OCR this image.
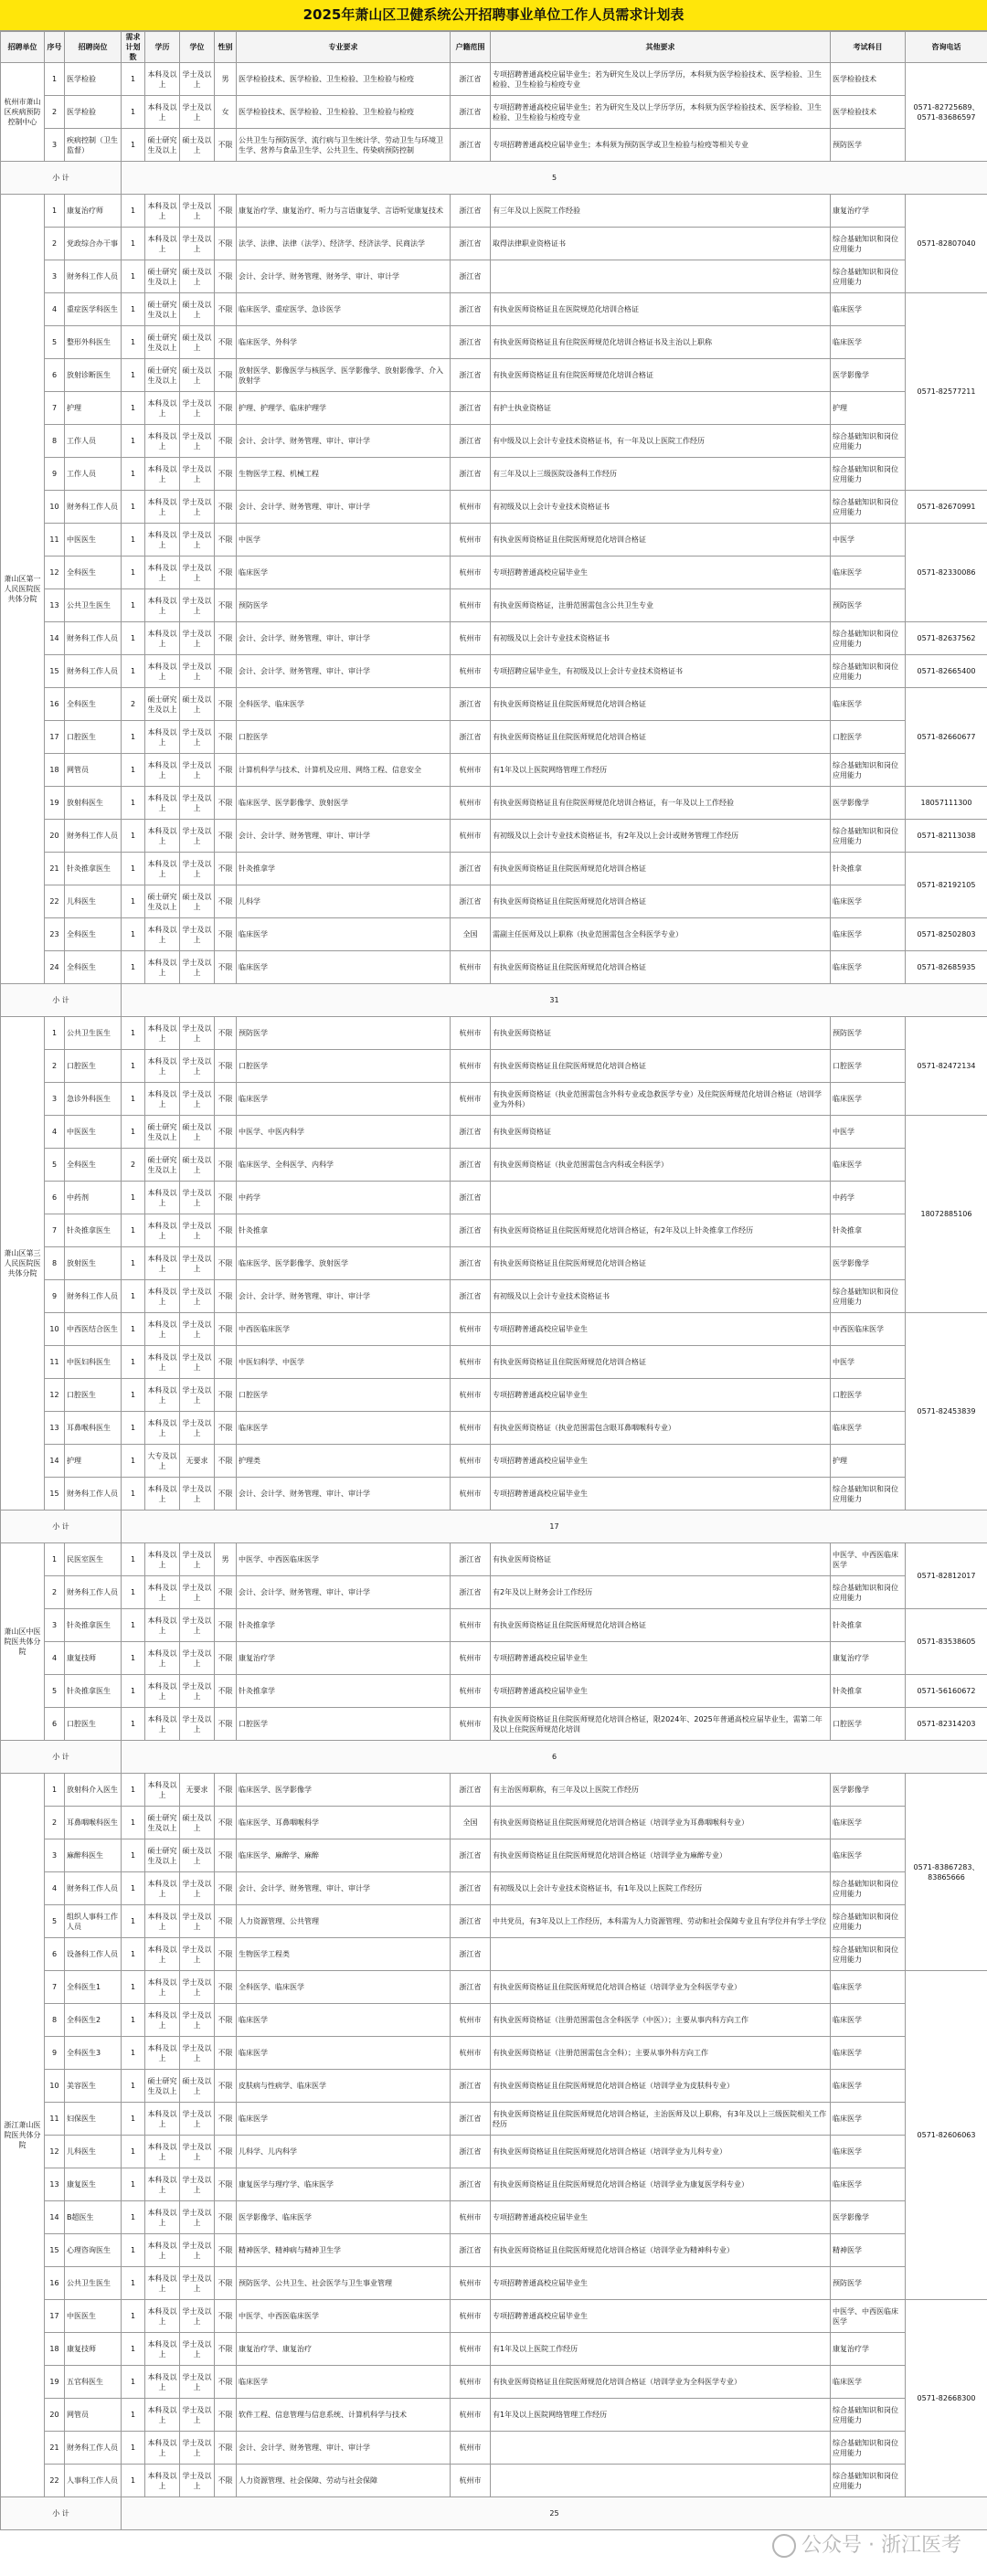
2025年萧山区卫健系统公开招聘事业单位工作人员需求计划表
招聘单位	序号	招聘岗位	需求计划数	学历	学位	性别	专业要求	户籍范围	其他要求	考试科目	咨询电话
杭州市萧山区疾病预防控制中心	1	医学检验	1	本科及以上	学士及以上	男	医学检验技术、医学检验、卫生检验、卫生检验与检疫	浙江省	专项招聘普通高校应届毕业生；若为研究生及以上学历学历，本科须为医学检验技术、医学检验、卫生检验、卫生检验与检疫专业	医学检验技术	0571-82725689、0571-83686597
	2	医学检验	1	本科及以上	学士及以上	女	医学检验技术、医学检验、卫生检验、卫生检验与检疫	浙江省	专项招聘普通高校应届毕业生；若为研究生及以上学历学历，本科须为医学检验技术、医学检验、卫生检验、卫生检验与检疫专业	医学检验技术	
	3	疾病控制（卫生监督）	1	硕士研究生及以上	硕士及以上	不限	公共卫生与预防医学、流行病与卫生统计学、劳动卫生与环境卫生学、营养与食品卫生学、公共卫生、传染病预防控制	浙江省	专项招聘普通高校应届毕业生；本科须为预防医学或卫生检验与检疫等相关专业	预防医学	
小 计			5								
萧山区第一人民医院医共体分院	1	康复治疗师	1	本科及以上	学士及以上	不限	康复治疗学、康复治疗、听力与言语康复学、言语听觉康复技术	浙江省	有三年及以上医院工作经验	康复治疗学	0571-82807040
	2	党政综合办干事	1	本科及以上	学士及以上	不限	法学、法律、法律（法学）、经济学、经济法学、民商法学	浙江省	取得法律职业资格证书	综合基础知识和岗位应用能力	
	3	财务科工作人员	1	硕士研究生及以上	硕士及以上	不限	会计、会计学、财务管理、财务学、审计、审计学	浙江省		综合基础知识和岗位应用能力	
	4	重症医学科医生	1	硕士研究生及以上	硕士及以上	不限	临床医学、重症医学、急诊医学	浙江省	有执业医师资格证且在医院规范化培训合格证	临床医学	0571-82577211
	5	整形外科医生	1	硕士研究生及以上	硕士及以上	不限	临床医学、外科学	浙江省	有执业医师资格证且有住院医师规范化培训合格证书及主治以上职称	临床医学	
	6	放射诊断医生	1	硕士研究生及以上	硕士及以上	不限	放射医学、影像医学与核医学、医学影像学、放射影像学、介入放射学	浙江省	有执业医师资格证且有住院医师规范化培训合格证	医学影像学	
	7	护理	1	本科及以上	学士及以上	不限	护理、护理学、临床护理学	浙江省	有护士执业资格证	护理	
	8	工作人员	1	本科及以上	学士及以上	不限	会计、会计学、财务管理、审计、审计学	浙江省	有中级及以上会计专业技术资格证书，有一年及以上医院工作经历	综合基础知识和岗位应用能力	
	9	工作人员	1	本科及以上	学士及以上	不限	生物医学工程、机械工程	浙江省	有三年及以上三级医院设备科工作经历	综合基础知识和岗位应用能力	
	10	财务科工作人员	1	本科及以上	学士及以上	不限	会计、会计学、财务管理、审计、审计学	杭州市	有初级及以上会计专业技术资格证书	综合基础知识和岗位应用能力	0571-82670991
	11	中医医生	1	本科及以上	学士及以上	不限	中医学	杭州市	有执业医师资格证且住院医师规范化培训合格证	中医学	0571-82330086
	12	全科医生	1	本科及以上	学士及以上	不限	临床医学	杭州市	专项招聘普通高校应届毕业生	临床医学	
	13	公共卫生医生	1	本科及以上	学士及以上	不限	预防医学	杭州市	有执业医师资格证，注册范围需包含公共卫生专业	预防医学	
	14	财务科工作人员	1	本科及以上	学士及以上	不限	会计、会计学、财务管理、审计、审计学	杭州市	有初级及以上会计专业技术资格证书	综合基础知识和岗位应用能力	0571-82637562
	15	财务科工作人员	1	本科及以上	学士及以上	不限	会计、会计学、财务管理、审计、审计学	杭州市	专项招聘应届毕业生，有初级及以上会计专业技术资格证书	综合基础知识和岗位应用能力	0571-82665400
	16	全科医生	2	硕士研究生及以上	硕士及以上	不限	全科医学、临床医学	浙江省	有执业医师资格证且住院医师规范化培训合格证	临床医学	0571-82660677
	17	口腔医生	1	本科及以上	学士及以上	不限	口腔医学	浙江省	有执业医师资格证且住院医师规范化培训合格证	口腔医学	
	18	网管员	1	本科及以上	学士及以上	不限	计算机科学与技术、计算机及应用、网络工程、信息安全	杭州市	有1年及以上医院网络管理工作经历	综合基础知识和岗位应用能力	
	19	放射科医生	1	本科及以上	学士及以上	不限	临床医学、医学影像学、放射医学	杭州市	有执业医师资格证且有住院医师规范化培训合格证，有一年及以上工作经验	医学影像学	18057111300
	20	财务科工作人员	1	本科及以上	学士及以上	不限	会计、会计学、财务管理、审计、审计学	杭州市	有初级及以上会计专业技术资格证书，有2年及以上会计或财务管理工作经历	综合基础知识和岗位应用能力	0571-82113038
	21	针灸推拿医生	1	本科及以上	学士及以上	不限	针灸推拿学	浙江省	有执业医师资格证且住院医师规范化培训合格证	针灸推拿	0571-82192105
	22	儿科医生	1	硕士研究生及以上	硕士及以上	不限	儿科学	浙江省	有执业医师资格证且住院医师规范化培训合格证	临床医学	
	23	全科医生	1	本科及以上	学士及以上	不限	临床医学	全国	需副主任医师及以上职称（执业范围需包含全科医学专业）	临床医学	0571-82502803
	24	全科医生	1	本科及以上	学士及以上	不限	临床医学	杭州市	有执业医师资格证且住院医师规范化培训合格证	临床医学	0571-82685935
小 计			31								
萧山区第三人民医院医共体分院	1	公共卫生医生	1	本科及以上	学士及以上	不限	预防医学	杭州市	有执业医师资格证	预防医学	0571-82472134
	2	口腔医生	1	本科及以上	学士及以上	不限	口腔医学	杭州市	有执业医师资格证且住院医师规范化培训合格证	口腔医学	
	3	急诊外科医生	1	本科及以上	学士及以上	不限	临床医学	杭州市	有执业医师资格证（执业范围需包含外科专业或急救医学专业）及住院医师规范化培训合格证（培训学业为外科）	临床医学	
	4	中医医生	1	硕士研究生及以上	硕士及以上	不限	中医学、中医内科学	浙江省	有执业医师资格证	中医学	18072885106
	5	全科医生	2	硕士研究生及以上	硕士及以上	不限	临床医学、全科医学、内科学	浙江省	有执业医师资格证（执业范围需包含内科或全科医学）	临床医学	
	6	中药剂	1	本科及以上	学士及以上	不限	中药学	浙江省		中药学	
	7	针灸推拿医生	1	本科及以上	学士及以上	不限	针灸推拿	浙江省	有执业医师资格证且住院医师规范化培训合格证，有2年及以上针灸推拿工作经历	针灸推拿	
	8	放射医生	1	本科及以上	学士及以上	不限	临床医学、医学影像学、放射医学	浙江省	有执业医师资格证且住院医师规范化培训合格证	医学影像学	
	9	财务科工作人员	1	本科及以上	学士及以上	不限	会计、会计学、财务管理、审计、审计学	浙江省	有初级及以上会计专业技术资格证书	综合基础知识和岗位应用能力	
	10	中西医结合医生	1	本科及以上	学士及以上	不限	中西医临床医学	杭州市	专项招聘普通高校应届毕业生	中西医临床医学	0571-82453839
	11	中医妇科医生	1	本科及以上	学士及以上	不限	中医妇科学、中医学	杭州市	有执业医师资格证且住院医师规范化培训合格证	中医学	
	12	口腔医生	1	本科及以上	学士及以上	不限	口腔医学	杭州市	专项招聘普通高校应届毕业生	口腔医学	
	13	耳鼻喉科医生	1	本科及以上	学士及以上	不限	临床医学	杭州市	有执业医师资格证（执业范围需包含眼耳鼻咽喉科专业）	临床医学	
	14	护理	1	大专及以上	无要求	不限	护理类	杭州市	专项招聘普通高校应届毕业生	护理	
	15	财务科工作人员	1	本科及以上	学士及以上	不限	会计、会计学、财务管理、审计、审计学	杭州市	专项招聘普通高校应届毕业生	综合基础知识和岗位应用能力	
小 计			17								
萧山区中医院医共体分院	1	民医室医生	1	本科及以上	学士及以上	男	中医学、中西医临床医学	浙江省	有执业医师资格证	中医学、中西医临床医学	0571-82812017
	2	财务科工作人员	1	本科及以上	学士及以上	不限	会计、会计学、财务管理、审计、审计学	浙江省	有2年及以上财务会计工作经历	综合基础知识和岗位应用能力	
	3	针灸推拿医生	1	本科及以上	学士及以上	不限	针灸推拿学	杭州市	有执业医师资格证且住院医师规范化培训合格证	针灸推拿	0571-83538605
	4	康复技师	1	本科及以上	学士及以上	不限	康复治疗学	杭州市	专项招聘普通高校应届毕业生	康复治疗学	
	5	针灸推拿医生	1	本科及以上	学士及以上	不限	针灸推拿学	杭州市	专项招聘普通高校应届毕业生	针灸推拿	0571-56160672
	6	口腔医生	1	本科及以上	学士及以上	不限	口腔医学	杭州市	有执业医师资格证且住院医师规范化培训合格证，限2024年、2025年普通高校应届毕业生，需第二年及以上住院医师规范化培训	口腔医学	0571-82314203
小 计			6								
浙江萧山医院医共体分院	1	放射科介入医生	1	本科及以上	无要求	不限	临床医学、医学影像学	浙江省	有主治医师职称，有三年及以上医院工作经历	医学影像学	0571-83867283、83865666
	2	耳鼻咽喉科医生	1	硕士研究生及以上	硕士及以上	不限	临床医学、耳鼻咽喉科学	全国	有执业医师资格证且住院医师规范化培训合格证（培训学业为耳鼻咽喉科专业）	临床医学	
	3	麻醉科医生	1	硕士研究生及以上	硕士及以上	不限	临床医学、麻醉学、麻醉	浙江省	有执业医师资格证且住院医师规范化培训合格证（培训学业为麻醉专业）	临床医学	
	4	财务科工作人员	1	本科及以上	学士及以上	不限	会计、会计学、财务管理、审计、审计学	浙江省	有初级及以上会计专业技术资格证书，有1年及以上医院工作经历	综合基础知识和岗位应用能力	
	5	组织人事科工作人员	1	本科及以上	学士及以上	不限	人力资源管理、公共管理	浙江省	中共党员，有3年及以上工作经历，本科需为人力资源管理、劳动和社会保障专业且有学位并有学士学位	综合基础知识和岗位应用能力	
	6	设备科工作人员	1	本科及以上	学士及以上	不限	生物医学工程类	浙江省		综合基础知识和岗位应用能力	
	7	全科医生1	1	本科及以上	学士及以上	不限	全科医学、临床医学	浙江省	有执业医师资格证且住院医师规范化培训合格证（培训学业为全科医学专业）	临床医学	0571-82606063
	8	全科医生2	1	本科及以上	学士及以上	不限	临床医学	杭州市	有执业医师资格证（注册范围需包含全科医学（中医））；主要从事内科方向工作	临床医学	
	9	全科医生3	1	本科及以上	学士及以上	不限	临床医学	杭州市	有执业医师资格证（注册范围需包含全科）；主要从事外科方向工作	临床医学	
	10	美容医生	1	硕士研究生及以上	硕士及以上	不限	皮肤病与性病学、临床医学	浙江省	有执业医师资格证且住院医师规范化培训合格证（培训学业为皮肤科专业）	临床医学	
	11	妇保医生	1	本科及以上	学士及以上	不限	临床医学	浙江省	有执业医师资格证且住院医师规范化培训合格证，主治医师及以上职称，有3年及以上三级医院相关工作经历	临床医学	
	12	儿科医生	1	本科及以上	学士及以上	不限	儿科学、儿内科学	浙江省	有执业医师资格证且住院医师规范化培训合格证（培训学业为儿科专业）	临床医学	
	13	康复医生	1	本科及以上	学士及以上	不限	康复医学与理疗学、临床医学	浙江省	有执业医师资格证且住院医师规范化培训合格证（培训学业为康复医学科专业）	临床医学	
	14	B超医生	1	本科及以上	学士及以上	不限	医学影像学、临床医学	杭州市	专项招聘普通高校应届毕业生	医学影像学	
	15	心理咨询医生	1	本科及以上	学士及以上	不限	精神医学、精神病与精神卫生学	浙江省	有执业医师资格证且住院医师规范化培训合格证（培训学业为精神科专业）	精神医学	
	16	公共卫生医生	1	本科及以上	学士及以上	不限	预防医学、公共卫生、社会医学与卫生事业管理	杭州市	专项招聘普通高校应届毕业生	预防医学	
	17	中医医生	1	本科及以上	学士及以上	不限	中医学、中西医临床医学	杭州市	专项招聘普通高校应届毕业生	中医学、中西医临床医学	0571-82668300
	18	康复技师	1	本科及以上	学士及以上	不限	康复治疗学、康复治疗	杭州市	有1年及以上医院工作经历	康复治疗学	
	19	五官科医生	1	本科及以上	学士及以上	不限	临床医学	杭州市	有执业医师资格证且住院医师规范化培训合格证（培训学业为全科医学专业）	临床医学	
	20	网管员	1	本科及以上	学士及以上	不限	软件工程、信息管理与信息系统、计算机科学与技术	杭州市	有1年及以上医院网络管理工作经历	综合基础知识和岗位应用能力	
	21	财务科工作人员	1	本科及以上	学士及以上	不限	会计、会计学、财务管理、审计、审计学	杭州市		综合基础知识和岗位应用能力	
	22	人事科工作人员	1	本科及以上	学士及以上	不限	人力资源管理、社会保障、劳动与社会保障	杭州市		综合基础知识和岗位应用能力	
小 计			25								
公众号 · 浙江医考
